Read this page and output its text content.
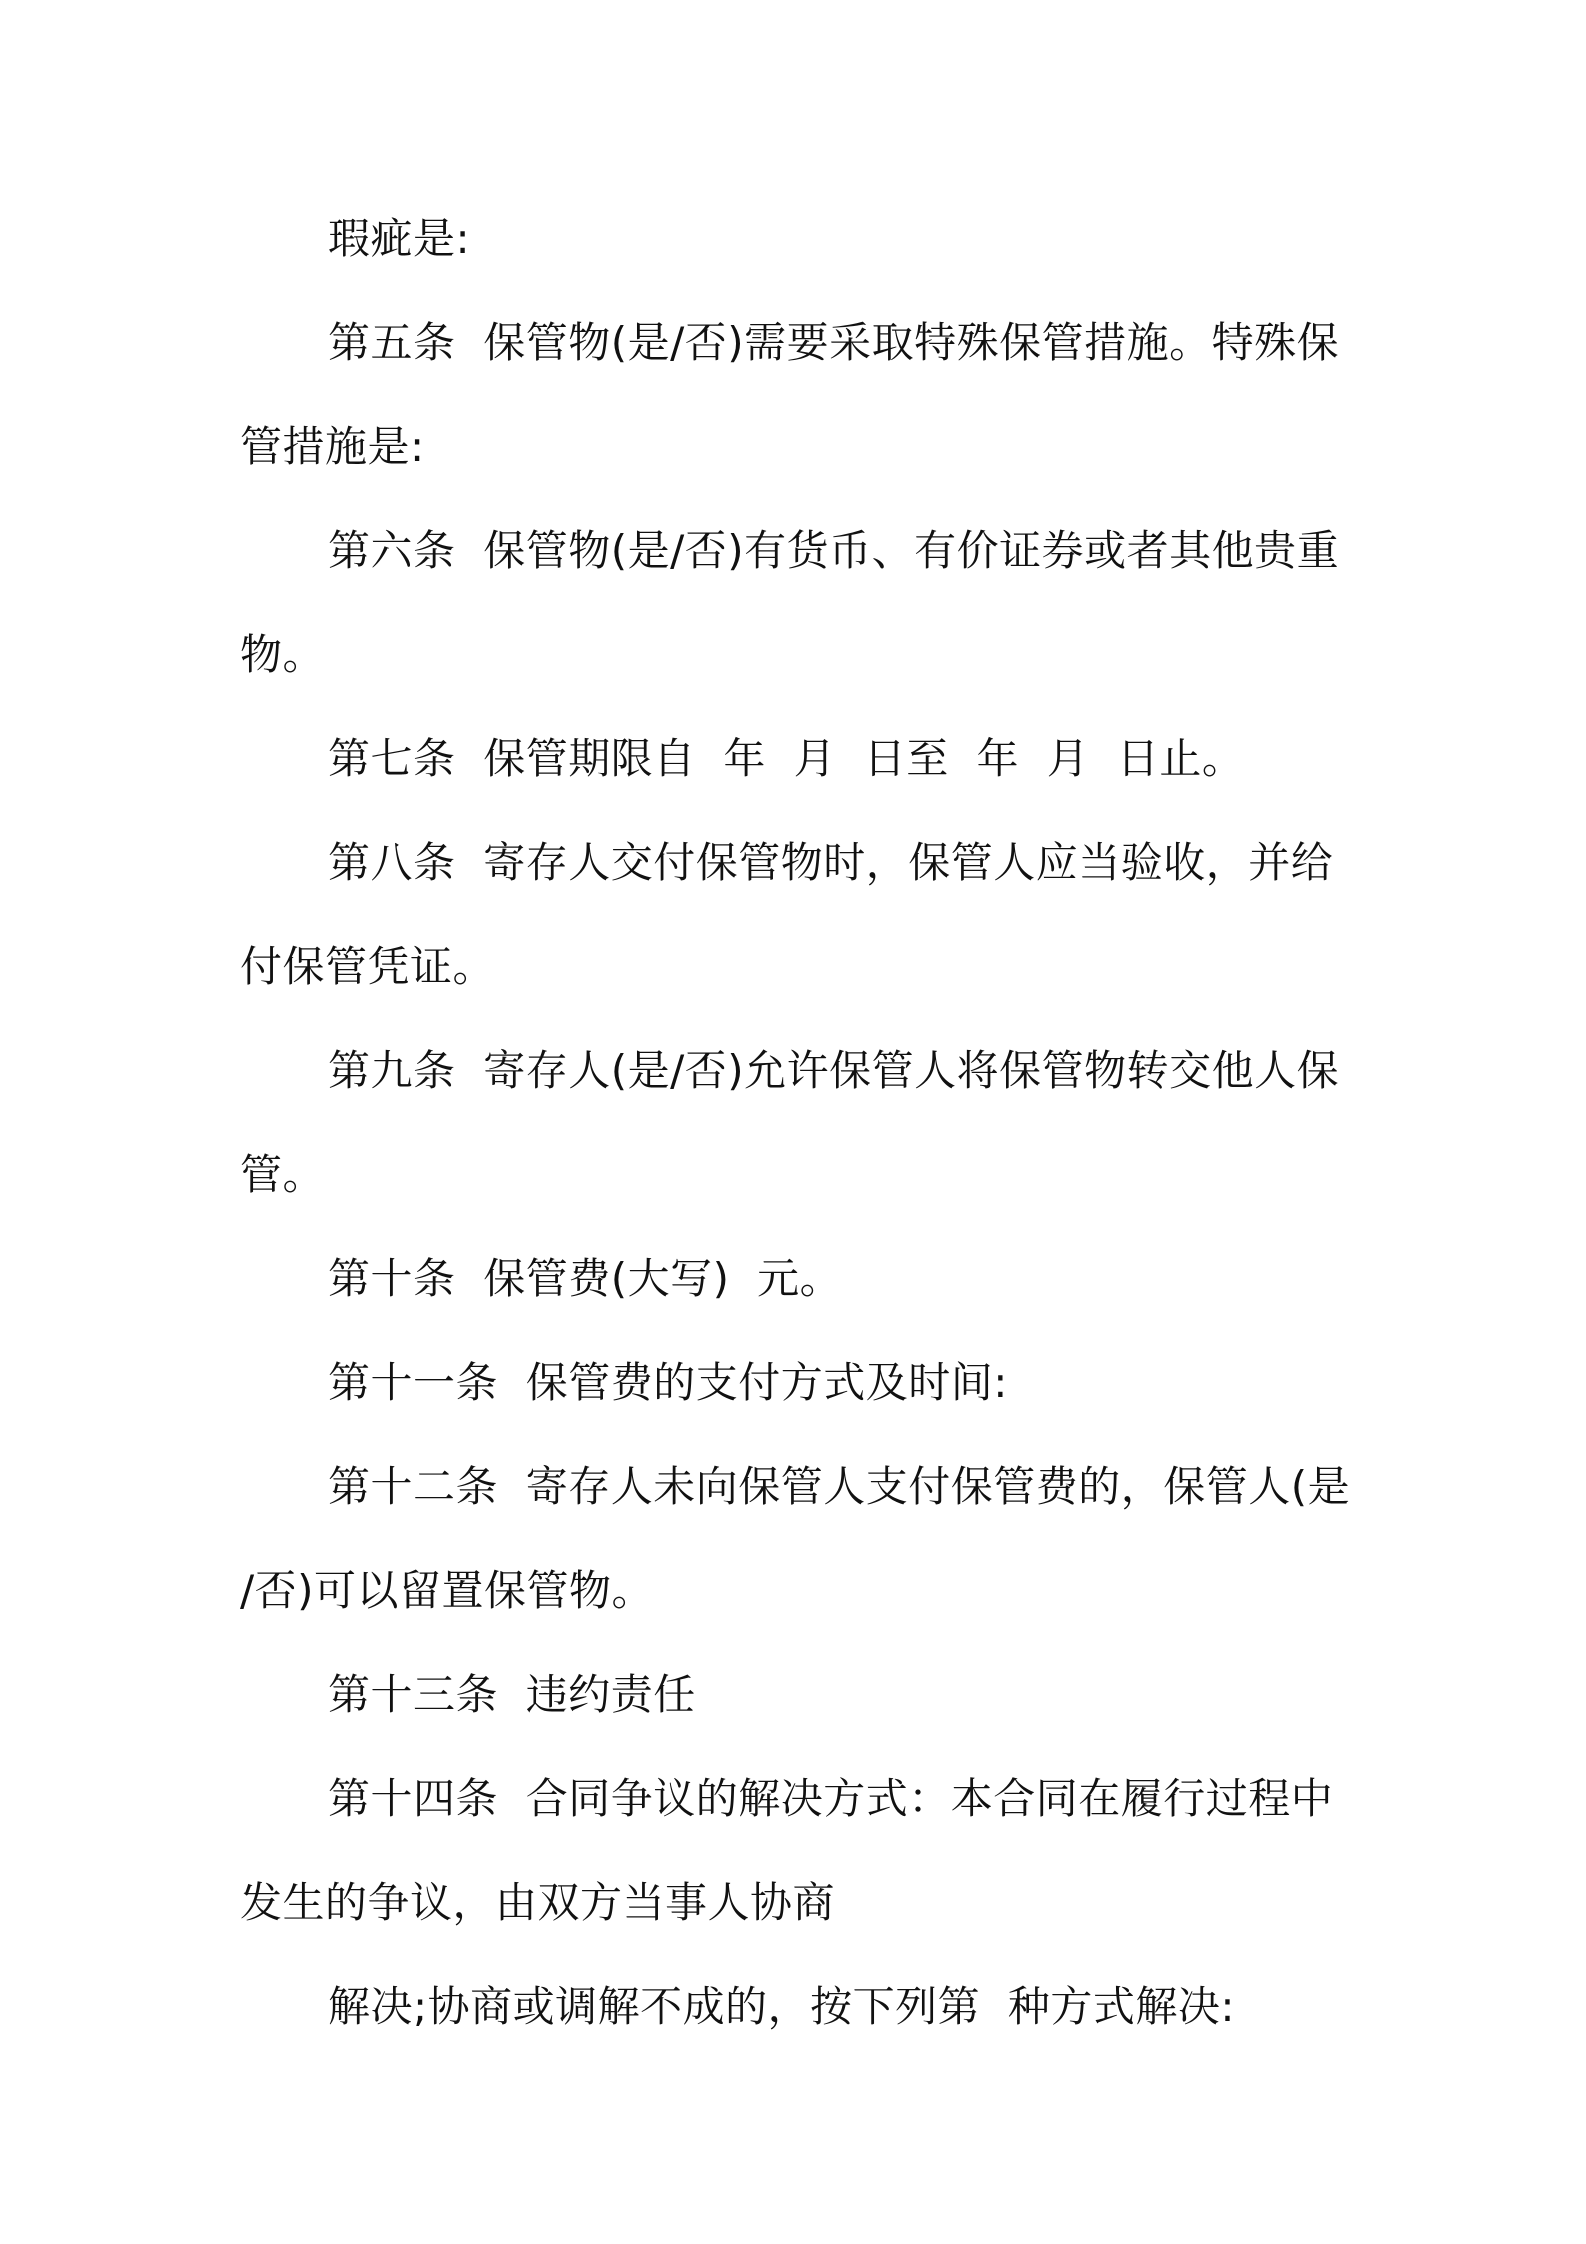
瑕疵是:
第五条  保管物(是/否)需要采取特殊保管措施。特殊保
管措施是:
第六条  保管物(是/否)有货币、有价证券或者其他贵重
物。
第七条  保管期限自  年  月  日至  年  月  日止。
第八条  寄存人交付保管物时，保管人应当验收，并给
付保管凭证。
第九条  寄存人(是/否)允许保管人将保管物转交他人保
管。
第十条  保管费(大写)  元。
第十一条  保管费的支付方式及时间:
第十二条  寄存人未向保管人支付保管费的，保管人(是
/否)可以留置保管物。
第十三条  违约责任
第十四条  合同争议的解决方式：本合同在履行过程中
发生的争议，由双方当事人协商
解决;协商或调解不成的，按下列第  种方式解决:
